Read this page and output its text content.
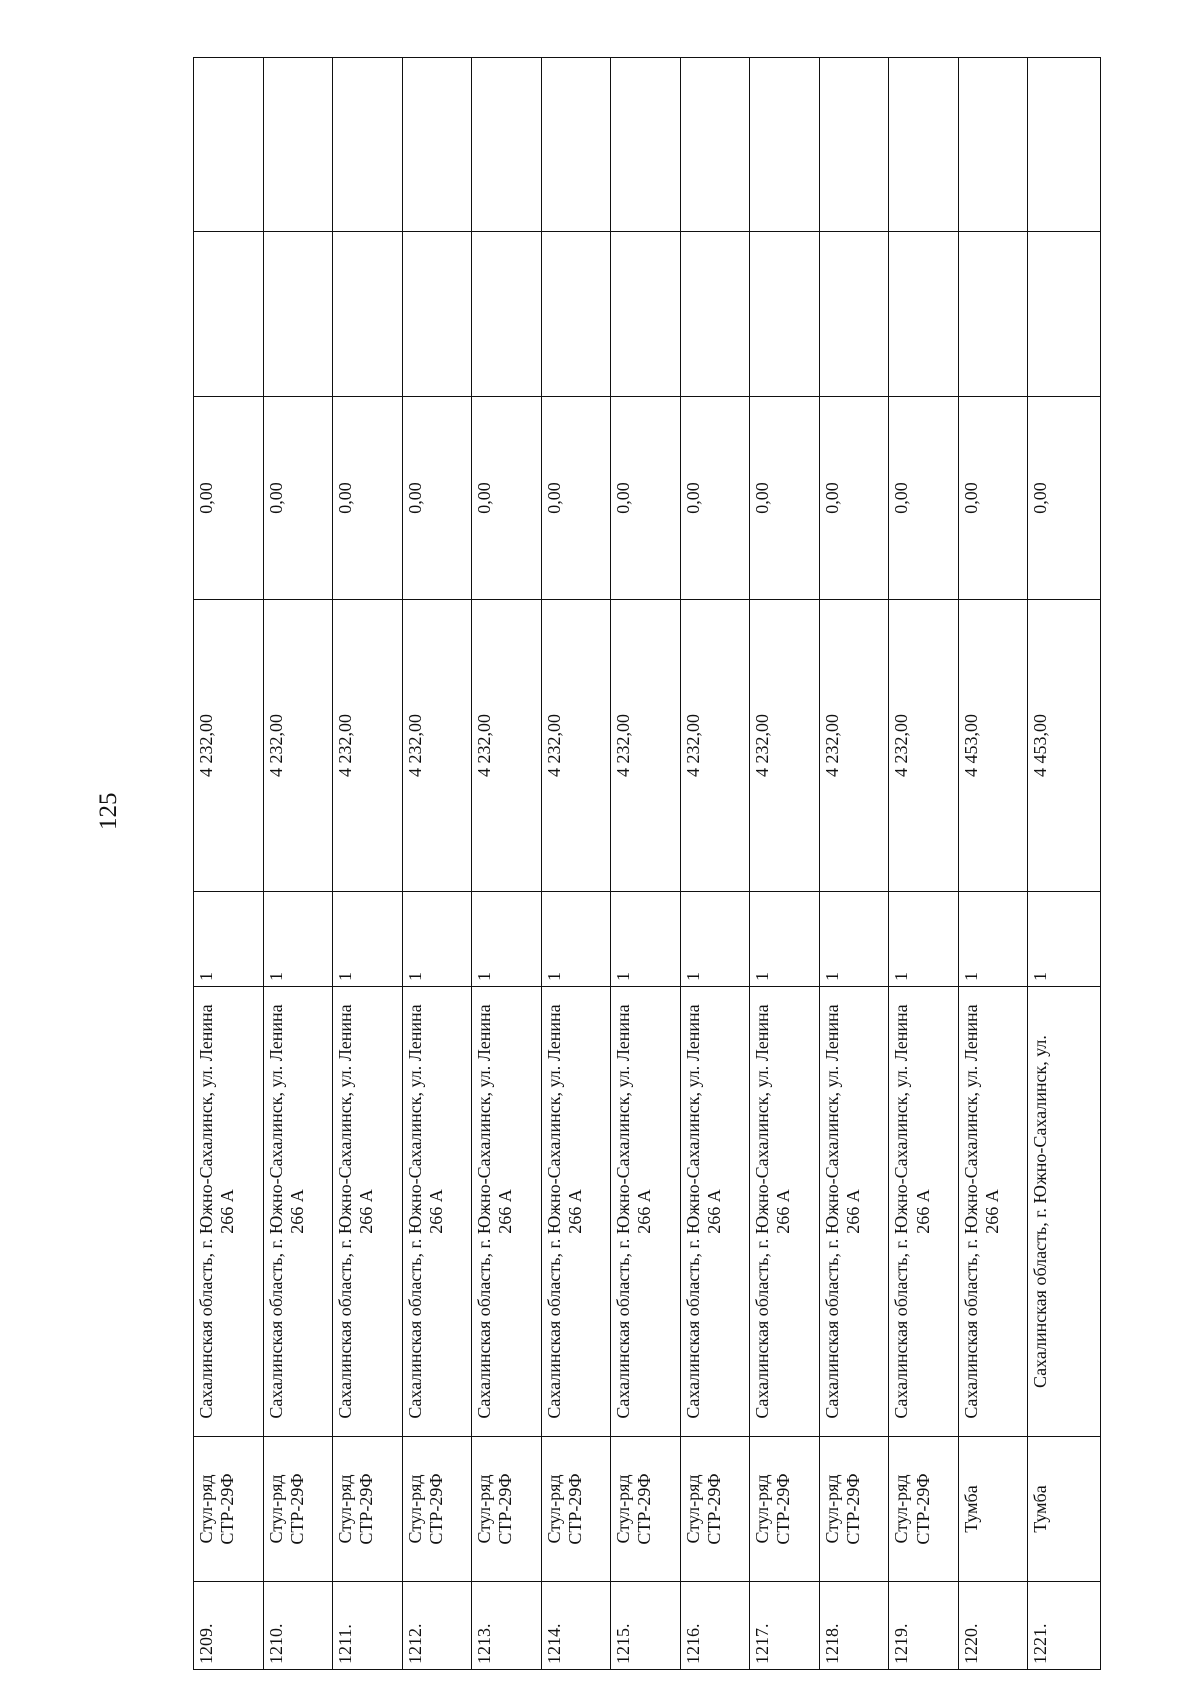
125
1209.	Стул-ряд СТР-29Ф	Сахалинская область, г. Южно-Сахалинск, ул. Ленина 266 А	1	4 232,00	0,00		
1210.	Стул-ряд СТР-29Ф	Сахалинская область, г. Южно-Сахалинск, ул. Ленина 266 А	1	4 232,00	0,00		
1211.	Стул-ряд СТР-29Ф	Сахалинская область, г. Южно-Сахалинск, ул. Ленина 266 А	1	4 232,00	0,00		
1212.	Стул-ряд СТР-29Ф	Сахалинская область, г. Южно-Сахалинск, ул. Ленина 266 А	1	4 232,00	0,00		
1213.	Стул-ряд СТР-29Ф	Сахалинская область, г. Южно-Сахалинск, ул. Ленина 266 А	1	4 232,00	0,00		
1214.	Стул-ряд СТР-29Ф	Сахалинская область, г. Южно-Сахалинск, ул. Ленина 266 А	1	4 232,00	0,00		
1215.	Стул-ряд СТР-29Ф	Сахалинская область, г. Южно-Сахалинск, ул. Ленина 266 А	1	4 232,00	0,00		
1216.	Стул-ряд СТР-29Ф	Сахалинская область, г. Южно-Сахалинск, ул. Ленина 266 А	1	4 232,00	0,00		
1217.	Стул-ряд СТР-29Ф	Сахалинская область, г. Южно-Сахалинск, ул. Ленина 266 А	1	4 232,00	0,00		
1218.	Стул-ряд СТР-29Ф	Сахалинская область, г. Южно-Сахалинск, ул. Ленина 266 А	1	4 232,00	0,00		
1219.	Стул-ряд СТР-29Ф	Сахалинская область, г. Южно-Сахалинск, ул. Ленина 266 А	1	4 232,00	0,00		
1220.	Тумба	Сахалинская область, г. Южно-Сахалинск, ул. Ленина 266 А	1	4 453,00	0,00		
1221.	Тумба	Сахалинская область, г. Южно-Сахалинск, ул.	1	4 453,00	0,00		
